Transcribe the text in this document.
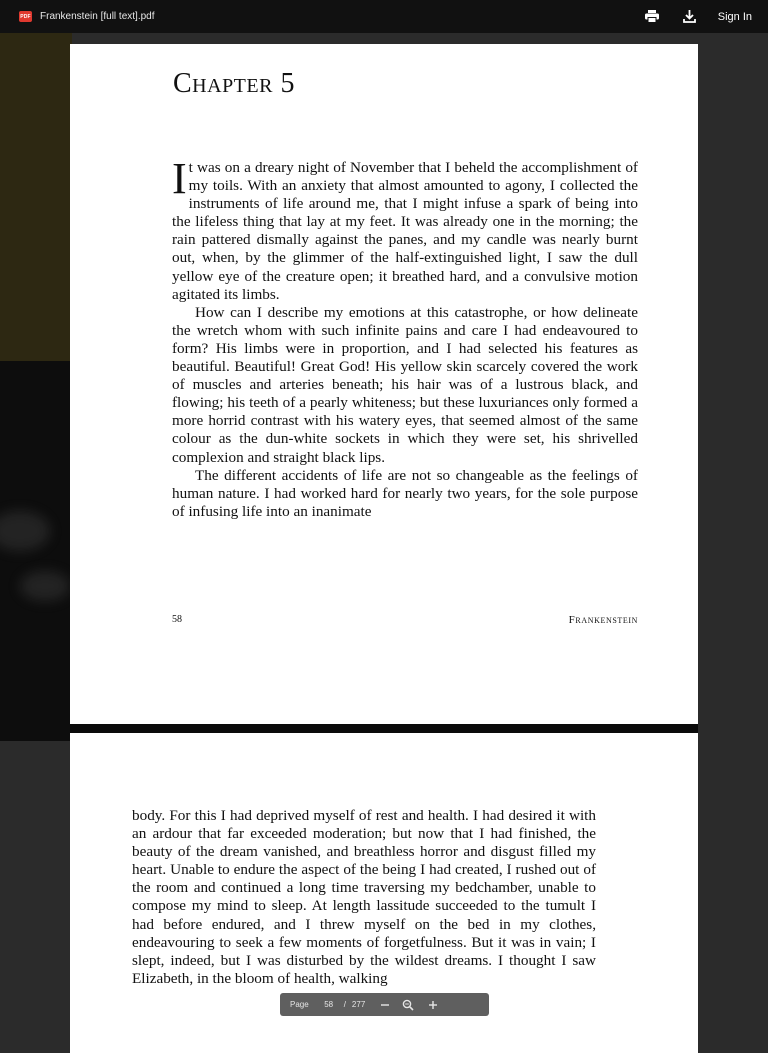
PDF Frankenstein [full text].pdf	Sign In
Chapter 5

It was on a dreary night of November that I beheld the accomplishment of my toils. With an anxiety that almost amounted to agony, I collected the instruments of life around me, that I might infuse a spark of being into the lifeless thing that lay at my feet. It was already one in the morning; the rain pattered dismally against the panes, and my candle was nearly burnt out, when, by the glimmer of the half-extinguished light, I saw the dull yellow eye of the creature open; it breathed hard, and a convulsive motion agitated its limbs.

How can I describe my emotions at this catastrophe, or how delineate the wretch whom with such infinite pains and care I had endeavoured to form? His limbs were in proportion, and I had selected his features as beautiful. Beautiful! Great God! His yellow skin scarcely covered the work of muscles and arteries beneath; his hair was of a lustrous black, and flowing; his teeth of a pearly whiteness; but these luxuriances only formed a more horrid contrast with his watery eyes, that seemed almost of the same colour as the dun-white sockets in which they were set, his shrivelled complexion and straight black lips.

The different accidents of life are not so changeable as the feelings of human nature. I had worked hard for nearly two years, for the sole purpose of infusing life into an inanimate

58	Frankenstein
body. For this I had deprived myself of rest and health. I had desired it with an ardour that far exceeded moderation; but now that I had finished, the beauty of the dream vanished, and breathless horror and disgust filled my heart. Unable to endure the aspect of the being I had created, I rushed out of the room and continued a long time traversing my bedchamber, unable to compose my mind to sleep. At length lassitude succeeded to the tumult I had before endured, and I threw myself on the bed in my clothes, endeavouring to seek a few moments of forgetfulness. But it was in vain; I slept, indeed, but I was disturbed by the wildest dreams. I thought I saw Elizabeth, in the bloom of health, walking
Page	58	/ 277
